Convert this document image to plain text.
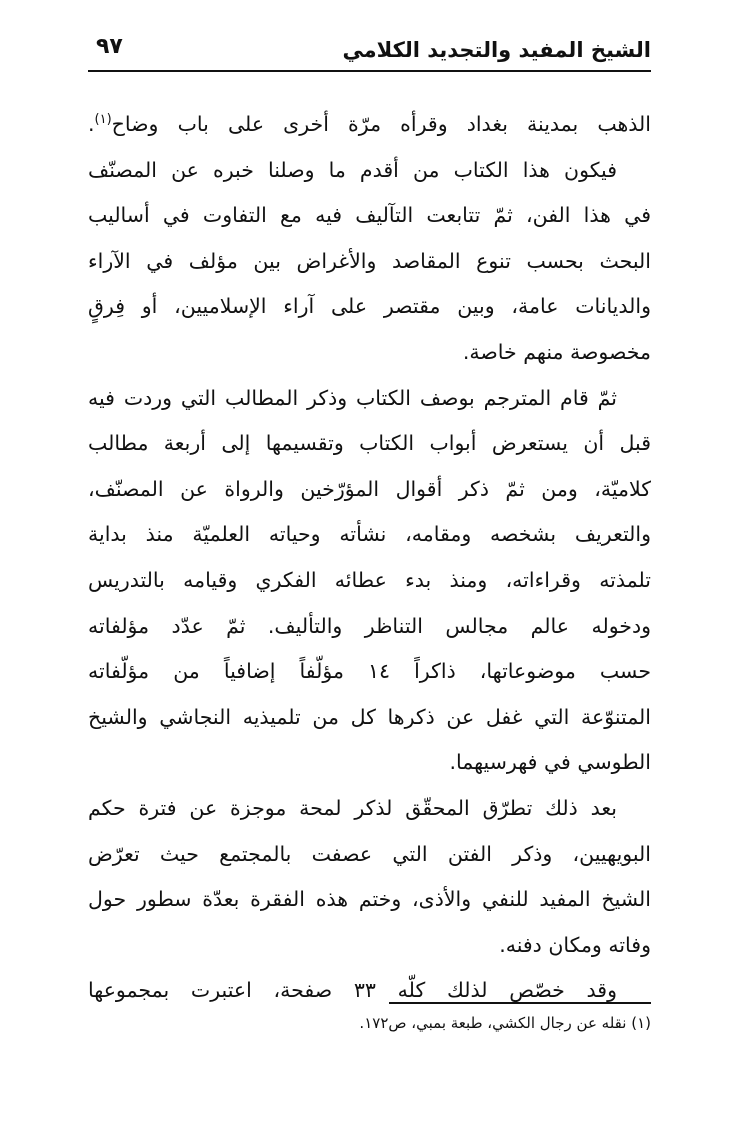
الشيخ المفيد والتجديد الكلامي
٩٧
الذهب بمدينة بغداد وقرأه مرّة أخرى على باب وضاح$^{(١)}$.
فيكون هذا الكتاب من أقدم ما وصلنا خبره عن المصنّف
في هذا الفن، ثمّ تتابعت التآليف فيه مع التفاوت في أساليب
البحث بحسب تنوع المقاصد والأغراض بين مؤلف في الآراء
والديانات عامة، وبين مقتصر على آراء الإسلاميين، أو فِرقٍ
مخصوصة منهم خاصة.
ثمّ قام المترجم بوصف الكتاب وذكر المطالب التي وردت فيه
قبل أن يستعرض أبواب الكتاب وتقسيمها إلى أربعة مطالب
كلاميّة، ومن ثمّ ذكر أقوال المؤرّخين والرواة عن المصنّف،
والتعريف بشخصه ومقامه، نشأته وحياته العلميّة منذ بداية
تلمذته وقراءاته، ومنذ بدء عطائه الفكري وقيامه بالتدريس
ودخوله عالم مجالس التناظر والتأليف. ثمّ عدّد مؤلفاته
حسب موضوعاتها، ذاكراً ١٤ مؤلّفاً إضافياً من مؤلّفاته
المتنوّعة التي غفل عن ذكرها كل من تلميذيه النجاشي والشيخ
الطوسي في فهرسيهما.
بعد ذلك تطرّق المحقّق لذكر لمحة موجزة عن فترة حكم
البويهيين، وذكر الفتن التي عصفت بالمجتمع حيث تعرّض
الشيخ المفيد للنفي والأذى، وختم هذه الفقرة بعدّة سطور حول
وفاته ومكان دفنه.
وقد خصّص لذلك كلّه ٣٣ صفحة، اعتبرت بمجموعها
(١) نقله عن رجال الكشي، طبعة بمبي، ص١٧٢.
